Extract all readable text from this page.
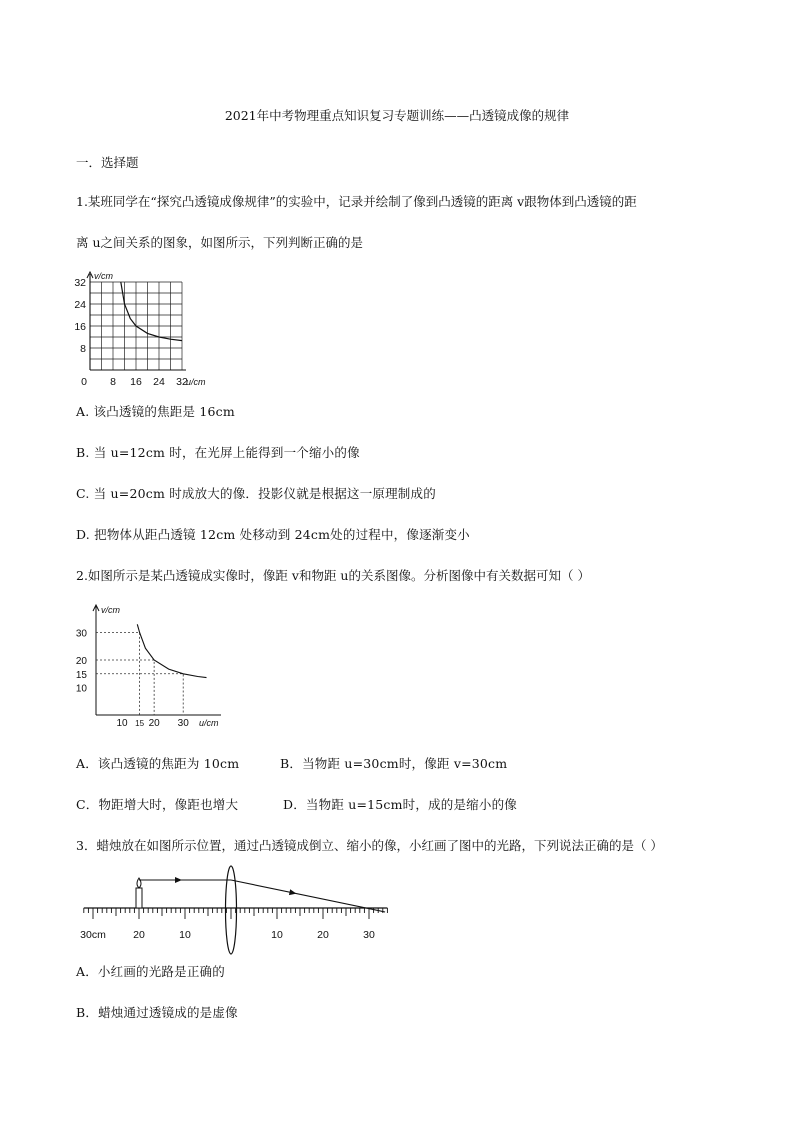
2021年中考物理重点知识复习专题训练——凸透镜成像的规律
一．选择题
1.某班同学在“探究凸透镜成像规律”的实验中，记录并绘制了像到凸透镜的距离 v跟物体到凸透镜的距
离 u之间关系的图象，如图所示，下列判断正确的是
v/cm
u/cm
8
16
24
32
0 8 16 24 32
A. 该凸透镜的焦距是 16cm
B. 当 u=12cm 时，在光屏上能得到一个缩小的像
C. 当 u=20cm 时成放大的像．投影仪就是根据这一原理制成的
D. 把物体从距凸透镜 12cm 处移动到 24cm处的过程中，像逐渐变小
2.如图所示是某凸透镜成实像时，像距 v和物距 u的关系图像。分析图像中有关数据可知（ ）
v/cm
u/cm
30
20
15
10
10 15 20 30
A．该凸透镜的焦距为 10cm	B．当物距 u=30cm时，像距 v=30cm
C．物距增大时，像距也增大	D．当物距 u=15cm时，成的是缩小的像
3．蜡烛放在如图所示位置，通过凸透镜成倒立、缩小的像，小红画了图中的光路，下列说法正确的是（ ）
30cm	20	10	10	20	30
A．小红画的光路是正确的
B．蜡烛通过透镜成的是虚像
